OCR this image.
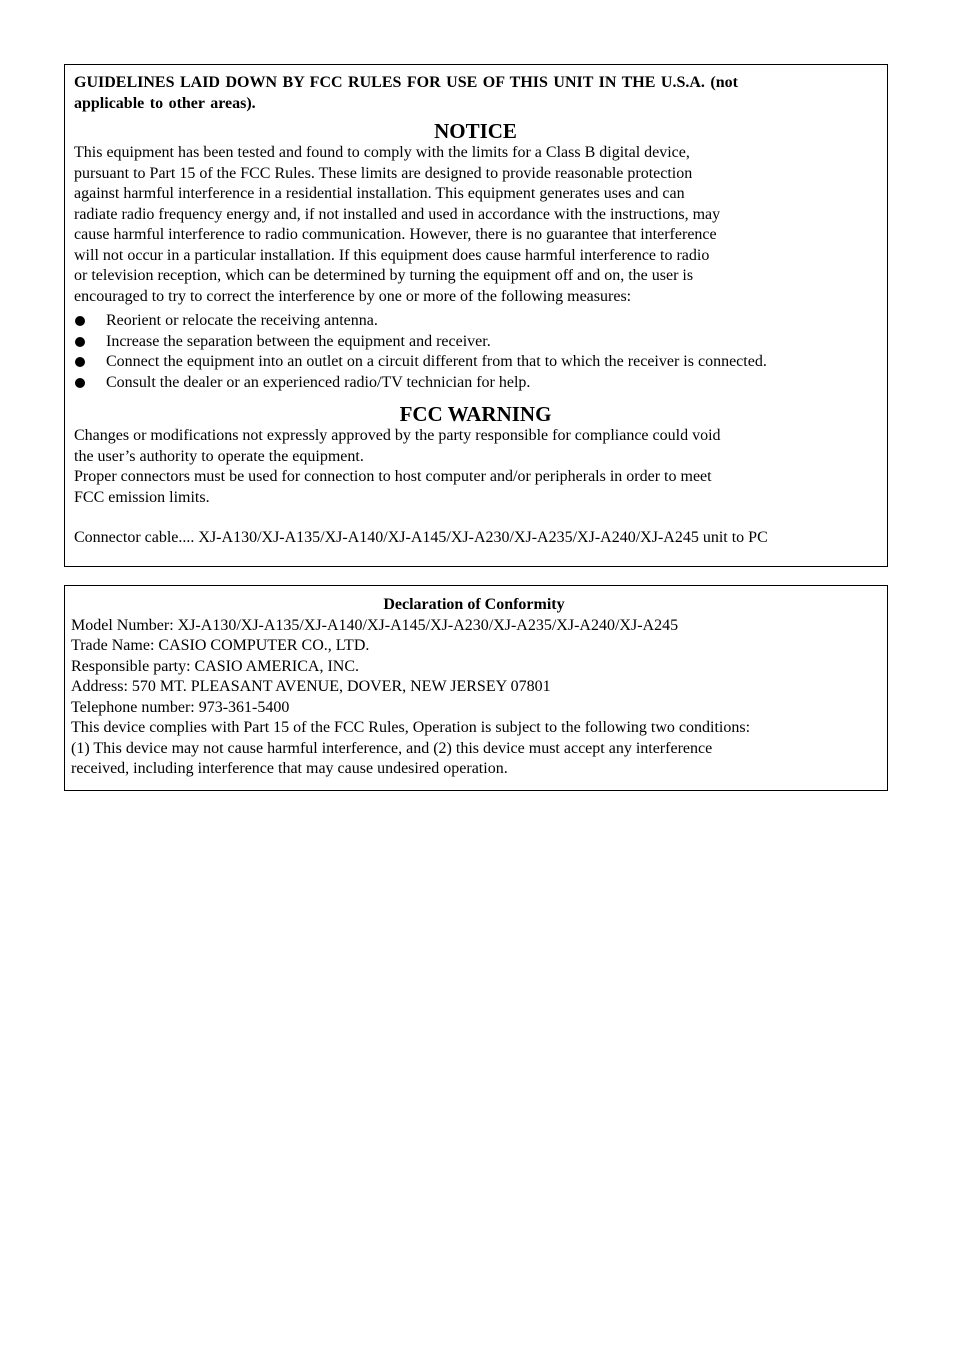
GUIDELINES LAID DOWN BY FCC RULES FOR USE OF THIS UNIT IN THE U.S.A. (not
applicable to other areas).

NOTICE

This equipment has been tested and found to comply with the limits for a Class B digital device,
pursuant to Part 15 of the FCC Rules. These limits are designed to provide reasonable protection
against harmful interference in a residential installation. This equipment generates uses and can
radiate radio frequency energy and, if not installed and used in accordance with the instructions, may
cause harmful interference to radio communication. However, there is no guarantee that interference
will not occur in a particular installation. If this equipment does cause harmful interference to radio
or television reception, which can be determined by turning the equipment off and on, the user is
encouraged to try to correct the interference by one or more of the following measures:

Reorient or relocate the receiving antenna.
Increase the separation between the equipment and receiver.
Connect the equipment into an outlet on a circuit different from that to which the receiver is connected.
Consult the dealer or an experienced radio/TV technician for help.
FCC WARNING

Changes or modifications not expressly approved by the party responsible for compliance could void
the user’s authority to operate the equipment.
Proper connectors must be used for connection to host computer and/or peripherals in order to meet
FCC emission limits.

Connector cable.... XJ-A130/XJ-A135/XJ-A140/XJ-A145/XJ-A230/XJ-A235/XJ-A240/XJ-A245 unit to PC

Declaration of Conformity

Model Number: XJ-A130/XJ-A135/XJ-A140/XJ-A145/XJ-A230/XJ-A235/XJ-A240/XJ-A245

Trade Name: CASIO COMPUTER CO., LTD.

Responsible party: CASIO AMERICA, INC.

Address: 570 MT. PLEASANT AVENUE, DOVER, NEW JERSEY 07801

Telephone number: 973-361-5400

This device complies with Part 15 of the FCC Rules, Operation is subject to the following two conditions:
(1) This device may not cause harmful interference, and (2) this device must accept any interference
received, including interference that may cause undesired operation.
